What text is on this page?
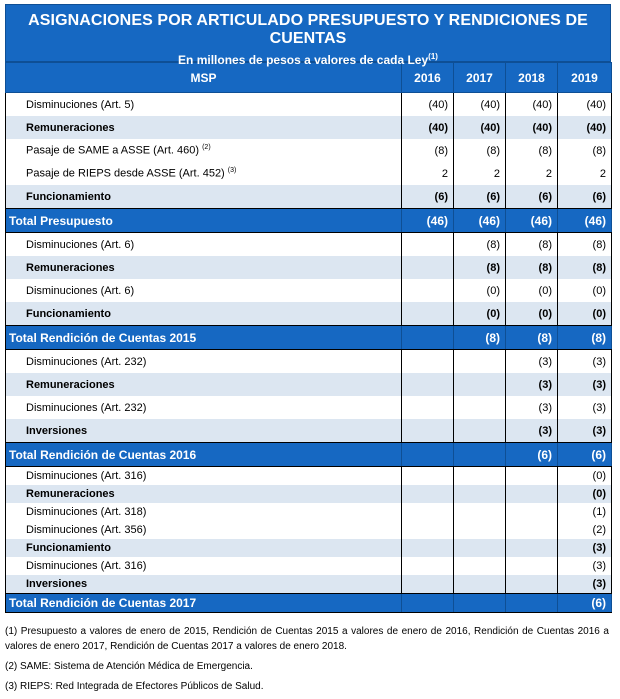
ASIGNACIONES POR ARTICULADO PRESUPUESTO Y RENDICIONES DE CUENTAS
En millones de pesos a valores de cada Ley$^{(1)}$
MSP	2016	2017	2018	2019
Disminuciones (Art. 5)	(40)	(40)	(40)	(40)
Remuneraciones	(40)	(40)	(40)	(40)
Pasaje de SAME a ASSE (Art. 460) $^{(2)}$	(8)	(8)	(8)	(8)
Pasaje de RIEPS desde ASSE (Art. 452) $^{(3)}$	2	2	2	2
Funcionamiento	(6)	(6)	(6)	(6)
Total Presupuesto	(46)	(46)	(46)	(46)
Disminuciones (Art. 6)		(8)	(8)	(8)
Remuneraciones		(8)	(8)	(8)
Disminuciones (Art. 6)		(0)	(0)	(0)
Funcionamiento		(0)	(0)	(0)
Total Rendición de Cuentas 2015		(8)	(8)	(8)
Disminuciones (Art. 232)			(3)	(3)
Remuneraciones			(3)	(3)
Disminuciones (Art. 232)			(3)	(3)
Inversiones			(3)	(3)
Total Rendición de Cuentas 2016			(6)	(6)
Disminuciones (Art. 316)				(0)
Remuneraciones				(0)
Disminuciones (Art. 318)				(1)
Disminuciones (Art. 356)				(2)
Funcionamiento				(3)
Disminuciones (Art. 316)				(3)
Inversiones				(3)
Total Rendición de Cuentas 2017				(6)

(1) Presupuesto a valores de enero de 2015, Rendición de Cuentas 2015 a valores de enero de 2016, Rendición de Cuentas 2016 a valores de enero 2017, Rendición de Cuentas 2017 a valores de enero 2018.

(2) SAME: Sistema de Atención Médica de Emergencia.

(3) RIEPS: Red Integrada de Efectores Públicos de Salud.
